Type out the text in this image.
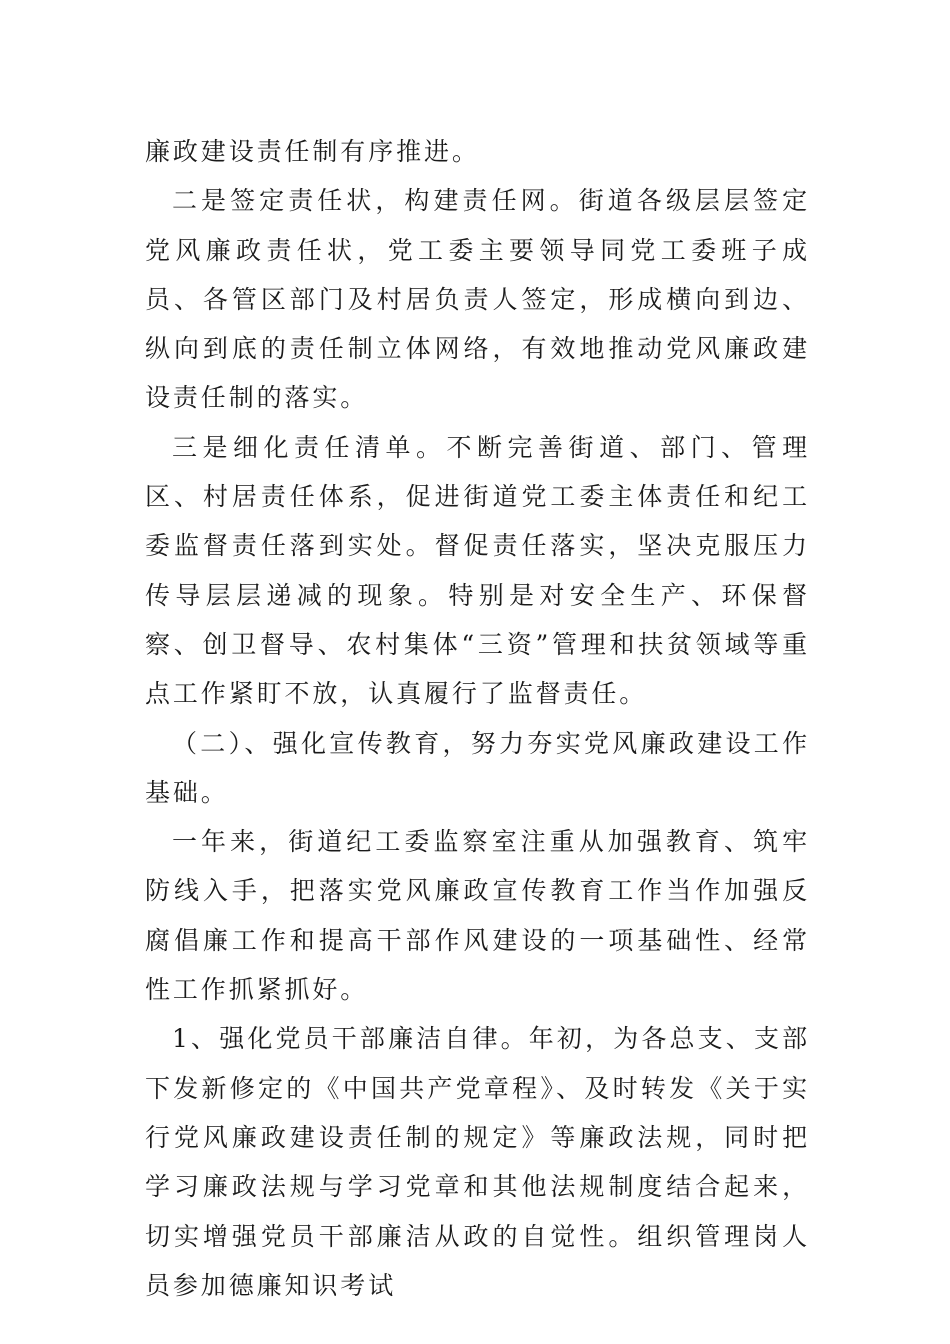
廉政建设责任制有序推进。

二是签定责任状，构建责任网。街道各级层层签定党风廉政责任状，党工委主要领导同党工委班子成员、各管区部门及村居负责人签定，形成横向到边、纵向到底的责任制立体网络，有效地推动党风廉政建设责任制的落实。

三是细化责任清单。不断完善街道、部门、管理区、村居责任体系，促进街道党工委主体责任和纪工委监督责任落到实处。督促责任落实，坚决克服压力传导层层递减的现象。特别是对安全生产、环保督察、创卫督导、农村集体“三资”管理和扶贫领域等重点工作紧盯不放，认真履行了监督责任。

（二）、强化宣传教育，努力夯实党风廉政建设工作基础。

一年来，街道纪工委监察室注重从加强教育、筑牢防线入手，把落实党风廉政宣传教育工作当作加强反腐倡廉工作和提高干部作风建设的一项基础性、经常性工作抓紧抓好。

1、强化党员干部廉洁自律。年初，为各总支、支部下发新修定的《中国共产党章程》、及时转发《关于实行党风廉政建设责任制的规定》等廉政法规，同时把学习廉政法规与学习党章和其他法规制度结合起来，切实增强党员干部廉洁从政的自觉性。组织管理岗人员参加德廉知识考试
